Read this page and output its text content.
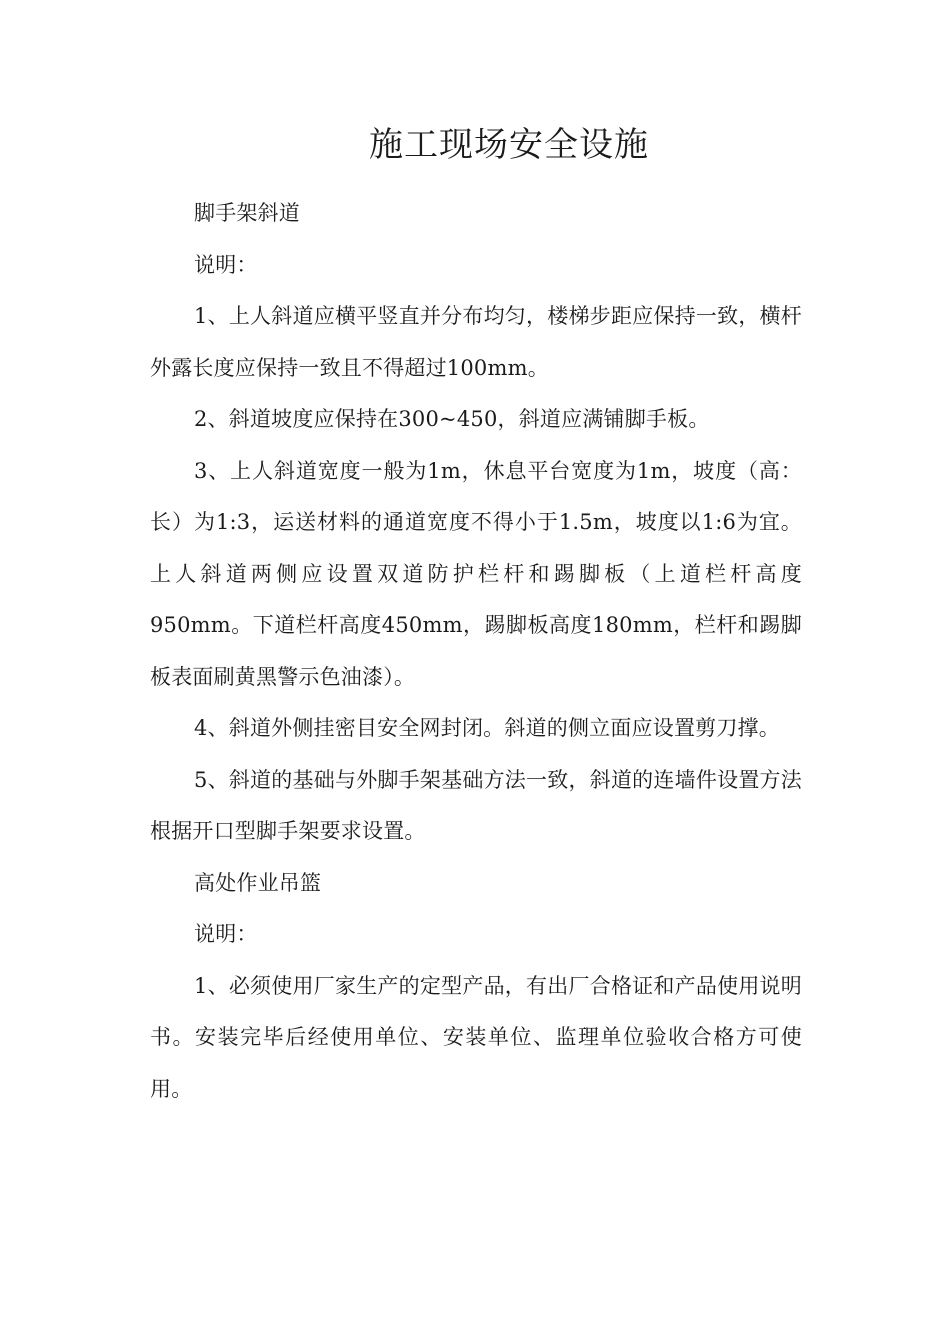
施工现场安全设施

脚手架斜道

说明：

1、上人斜道应横平竖直并分布均匀，楼梯步距应保持一致，横杆外露长度应保持一致且不得超过100mm。

2、斜道坡度应保持在300~450，斜道应满铺脚手板。

3、上人斜道宽度一般为1m，休息平台宽度为1m，坡度（高：长）为1:3，运送材料的通道宽度不得小于1.5m，坡度以1:6为宜。上人斜道两侧应设置双道防护栏杆和踢脚板（上道栏杆高度950mm。下道栏杆高度450mm，踢脚板高度180mm，栏杆和踢脚板表面刷黄黑警示色油漆）。

4、斜道外侧挂密目安全网封闭。斜道的侧立面应设置剪刀撑。

5、斜道的基础与外脚手架基础方法一致，斜道的连墙件设置方法根据开口型脚手架要求设置。

高处作业吊篮

说明：

1、必须使用厂家生产的定型产品，有出厂合格证和产品使用说明书。安装完毕后经使用单位、安装单位、监理单位验收合格方可使用。
